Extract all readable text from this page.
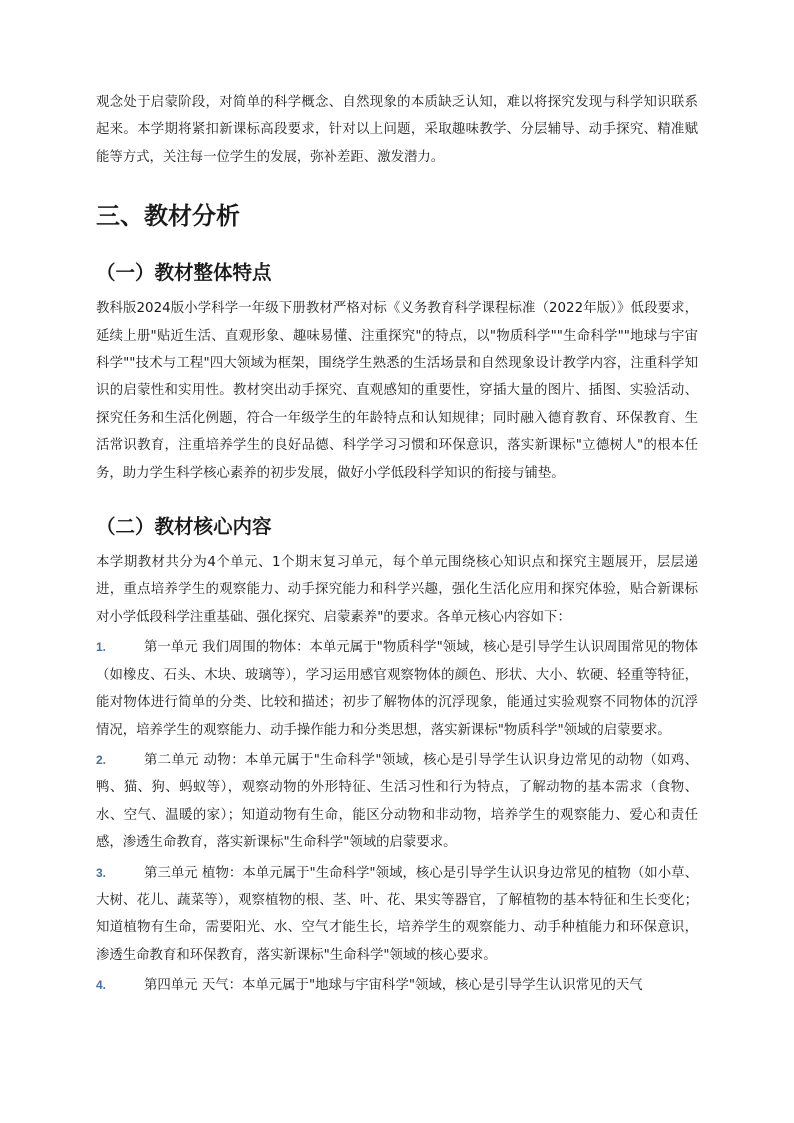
观念处于启蒙阶段，对简单的科学概念、自然现象的本质缺乏认知，难以将探究发现与科学知识联系起来。本学期将紧扣新课标高段要求，针对以上问题，采取趣味教学、分层辅导、动手探究、精准赋能等方式，关注每一位学生的发展，弥补差距、激发潜力。

三、教材分析
（一）教材整体特点

教科版2024版小学科学一年级下册教材严格对标《义务教育科学课程标准（2022年版）》低段要求，延续上册"贴近生活、直观形象、趣味易懂、注重探究"的特点，以"物质科学""生命科学""地球与宇宙科学""技术与工程"四大领域为框架，围绕学生熟悉的生活场景和自然现象设计教学内容，注重科学知识的启蒙性和实用性。教材突出动手探究、直观感知的重要性，穿插大量的图片、插图、实验活动、探究任务和生活化例题，符合一年级学生的年龄特点和认知规律；同时融入德育教育、环保教育、生活常识教育，注重培养学生的良好品德、科学学习习惯和环保意识，落实新课标"立德树人"的根本任务，助力学生科学核心素养的初步发展，做好小学低段科学知识的衔接与铺垫。

（二）教材核心内容

本学期教材共分为4个单元、1个期末复习单元，每个单元围绕核心知识点和探究主题展开，层层递进，重点培养学生的观察能力、动手探究能力和科学兴趣，强化生活化应用和探究体验，贴合新课标对小学低段科学注重基础、强化探究、启蒙素养"的要求。各单元核心内容如下：

1.	第一单元 我们周围的物体：本单元属于"物质科学"领域，核心是引导学生认识周围常见的物体（如橡皮、石头、木块、玻璃等），学习运用感官观察物体的颜色、形状、大小、软硬、轻重等特征，能对物体进行简单的分类、比较和描述；初步了解物体的沉浮现象，能通过实验观察不同物体的沉浮情况，培养学生的观察能力、动手操作能力和分类思想，落实新课标"物质科学"领域的启蒙要求。
2.	第二单元 动物：本单元属于"生命科学"领域，核心是引导学生认识身边常见的动物（如鸡、鸭、猫、狗、蚂蚁等），观察动物的外形特征、生活习性和行为特点，了解动物的基本需求（食物、水、空气、温暖的家）；知道动物有生命，能区分动物和非动物，培养学生的观察能力、爱心和责任感，渗透生命教育，落实新课标"生命科学"领域的启蒙要求。
3.	第三单元 植物：本单元属于"生命科学"领域，核心是引导学生认识身边常见的植物（如小草、大树、花儿、蔬菜等），观察植物的根、茎、叶、花、果实等器官，了解植物的基本特征和生长变化；知道植物有生命，需要阳光、水、空气才能生长，培养学生的观察能力、动手种植能力和环保意识，渗透生命教育和环保教育，落实新课标"生命科学"领域的核心要求。
4.	第四单元 天气：本单元属于"地球与宇宙科学"领域，核心是引导学生认识常见的天气
